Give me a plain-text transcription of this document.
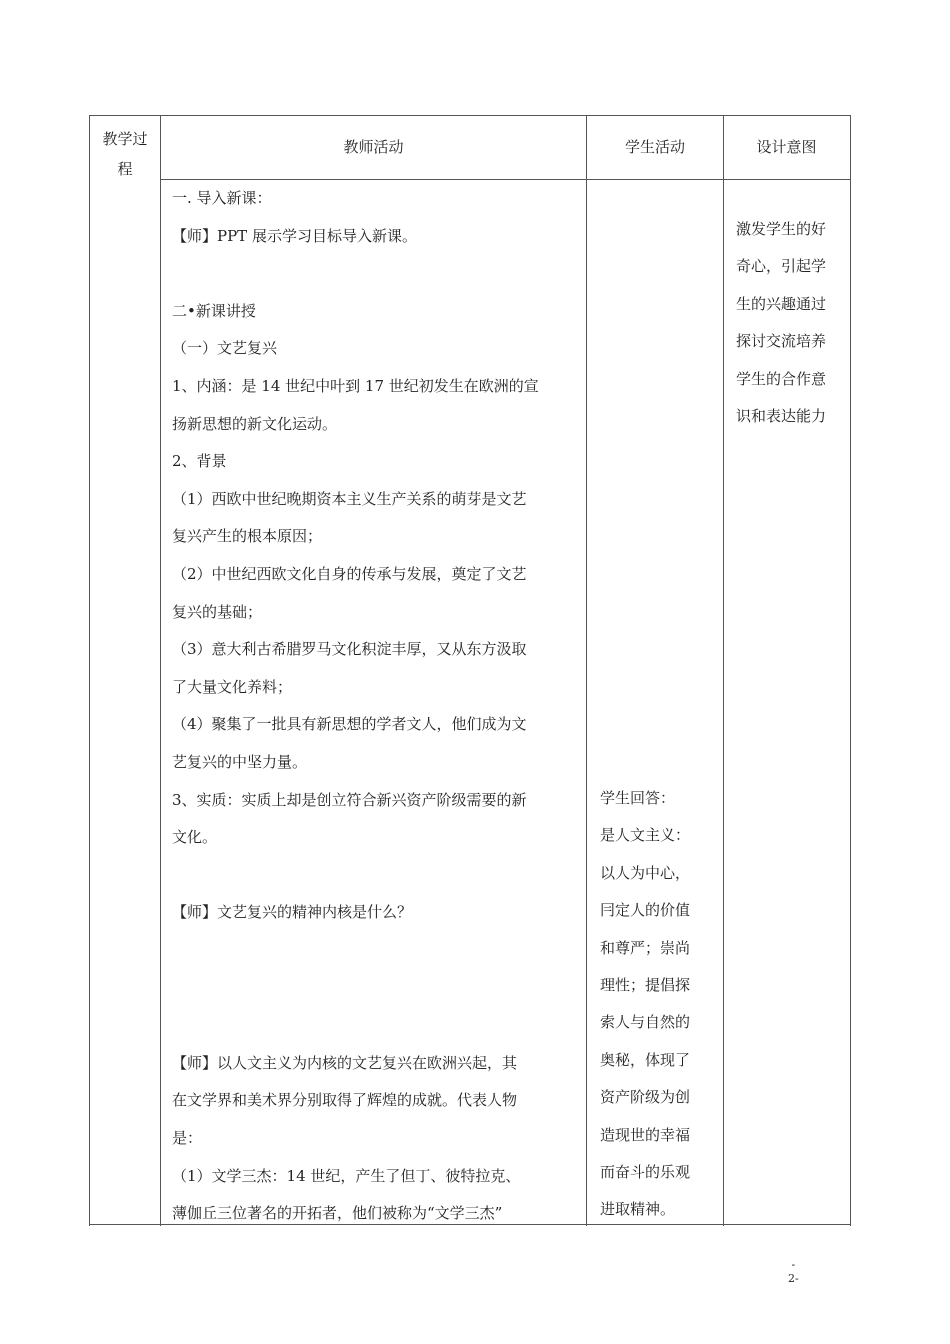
教学过
程
教师活动	学生活动	设计意图
一. 导入新课：
【师】PPT 展示学习目标导入新课。
二•新课讲授
（一）文艺复兴
1、内涵：是 14 世纪中叶到 17 世纪初发生在欧洲的宣
扬新思想的新文化运动。
2、背景
（1）西欧中世纪晚期资本主义生产关系的萌芽是文艺
复兴产生的根本原因；
（2）中世纪西欧文化自身的传承与发展，奠定了文艺
复兴的基础；
（3）意大利古希腊罗马文化积淀丰厚，又从东方汲取
了大量文化养料；
（4）聚集了一批具有新思想的学者文人，他们成为文
艺复兴的中坚力量。
3、实质：实质上却是创立符合新兴资产阶级需要的新
文化。
【师】文艺复兴的精神内核是什么？
【师】以人文主义为内核的文艺复兴在欧洲兴起，其
在文学界和美术界分别取得了辉煌的成就。代表人物
是：
（1）文学三杰：14 世纪，产生了但丁、彼特拉克、
薄伽丘三位著名的开拓者，他们被称为“文学三杰”
学生回答：
是人文主义：
以人为中心，
冃定人的价值
和尊严；崇尚
理性；提倡探
索人与自然的
奥秘，体现了
资产阶级为创
造现世的幸福
而奋斗的乐观
进取精神。
激发学生的好
奇心，引起学
生的兴趣通过
探讨交流培养
学生的合作意
识和表达能力
-
2-
